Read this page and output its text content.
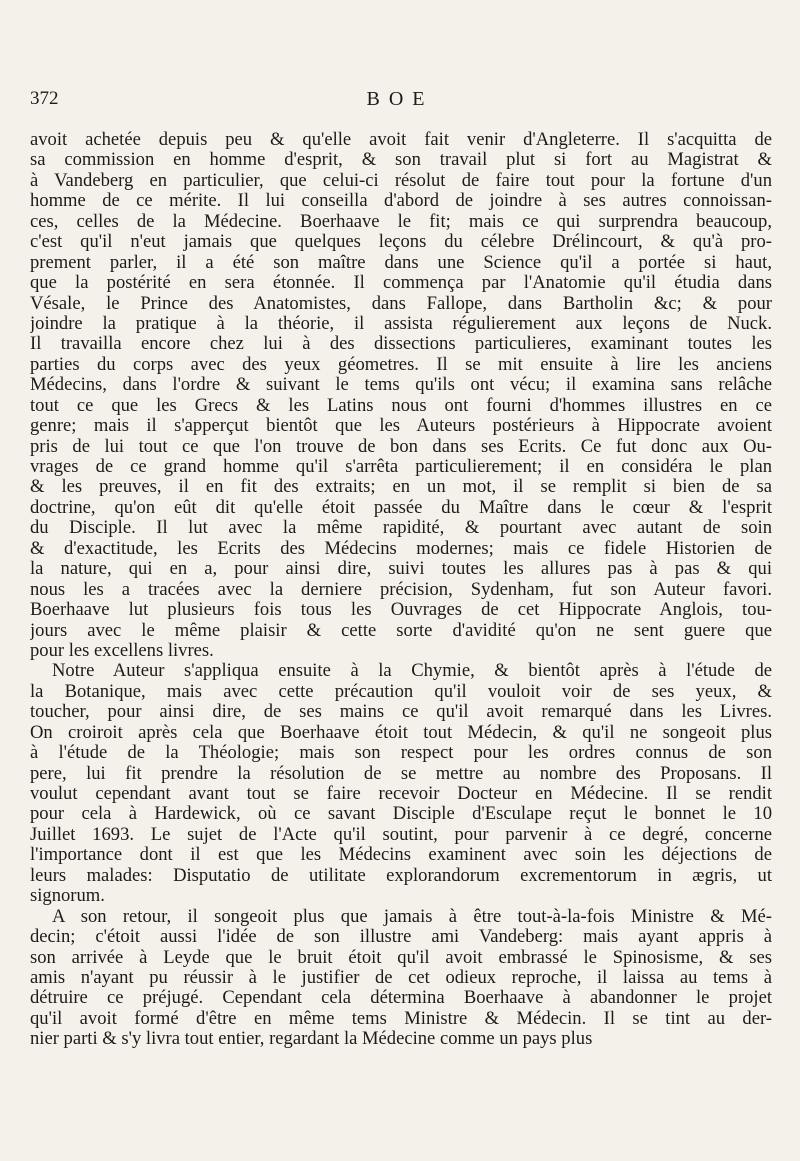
372	BOE
avoit achetée depuis peu & qu'elle avoit fait venir d'Angleterre. Il s'acquitta de
sa commission en homme d'esprit, & son travail plut si fort au Magistrat &
à Vandeberg en particulier, que celui-ci résolut de faire tout pour la fortune d'un
homme de ce mérite. Il lui conseilla d'abord de joindre à ses autres connoissan-
ces, celles de la Médecine. Boerhaave le fit; mais ce qui surprendra beaucoup,
c'est qu'il n'eut jamais que quelques leçons du célebre Drélincourt, & qu'à pro-
prement parler, il a été son maître dans une Science qu'il a portée si haut,
que la postérité en sera étonnée. Il commença par l'Anatomie qu'il étudia dans
Vésale, le Prince des Anatomistes, dans Fallope, dans Bartholin &c; & pour
joindre la pratique à la théorie, il assista régulierement aux leçons de Nuck.
Il travailla encore chez lui à des dissections particulieres, examinant toutes les
parties du corps avec des yeux géometres. Il se mit ensuite à lire les anciens
Médecins, dans l'ordre & suivant le tems qu'ils ont vécu; il examina sans relâche
tout ce que les Grecs & les Latins nous ont fourni d'hommes illustres en ce
genre; mais il s'apperçut bientôt que les Auteurs postérieurs à Hippocrate avoient
pris de lui tout ce que l'on trouve de bon dans ses Ecrits. Ce fut donc aux Ou-
vrages de ce grand homme qu'il s'arrêta particulierement; il en considéra le plan
& les preuves, il en fit des extraits; en un mot, il se remplit si bien de sa
doctrine, qu'on eût dit qu'elle étoit passée du Maître dans le cœur & l'esprit
du Disciple. Il lut avec la même rapidité, & pourtant avec autant de soin
& d'exactitude, les Ecrits des Médecins modernes; mais ce fidele Historien de
la nature, qui en a, pour ainsi dire, suivi toutes les allures pas à pas & qui
nous les a tracées avec la derniere précision, Sydenham, fut son Auteur favori.
Boerhaave lut plusieurs fois tous les Ouvrages de cet Hippocrate Anglois, tou-
jours avec le même plaisir & cette sorte d'avidité qu'on ne sent guere que
pour les excellens livres.
Notre Auteur s'appliqua ensuite à la Chymie, & bientôt après à l'étude de
la Botanique, mais avec cette précaution qu'il vouloit voir de ses yeux, &
toucher, pour ainsi dire, de ses mains ce qu'il avoit remarqué dans les Livres.
On croiroit après cela que Boerhaave étoit tout Médecin, & qu'il ne songeoit plus
à l'étude de la Théologie; mais son respect pour les ordres connus de son
pere, lui fit prendre la résolution de se mettre au nombre des Proposans. Il
voulut cependant avant tout se faire recevoir Docteur en Médecine. Il se rendit
pour cela à Hardewick, où ce savant Disciple d'Esculape reçut le bonnet le 10
Juillet 1693. Le sujet de l'Acte qu'il soutint, pour parvenir à ce degré, concerne
l'importance dont il est que les Médecins examinent avec soin les déjections de
leurs malades: Disputatio de utilitate explorandorum excrementorum in ægris, ut
signorum.
A son retour, il songeoit plus que jamais à être tout-à-la-fois Ministre & Mé-
decin; c'étoit aussi l'idée de son illustre ami Vandeberg: mais ayant appris à
son arrivée à Leyde que le bruit étoit qu'il avoit embrassé le Spinosisme, & ses
amis n'ayant pu réussir à le justifier de cet odieux reproche, il laissa au tems à
détruire ce préjugé. Cependant cela détermina Boerhaave à abandonner le projet
qu'il avoit formé d'être en même tems Ministre & Médecin. Il se tint au der-
nier parti & s'y livra tout entier, regardant la Médecine comme un pays plus
